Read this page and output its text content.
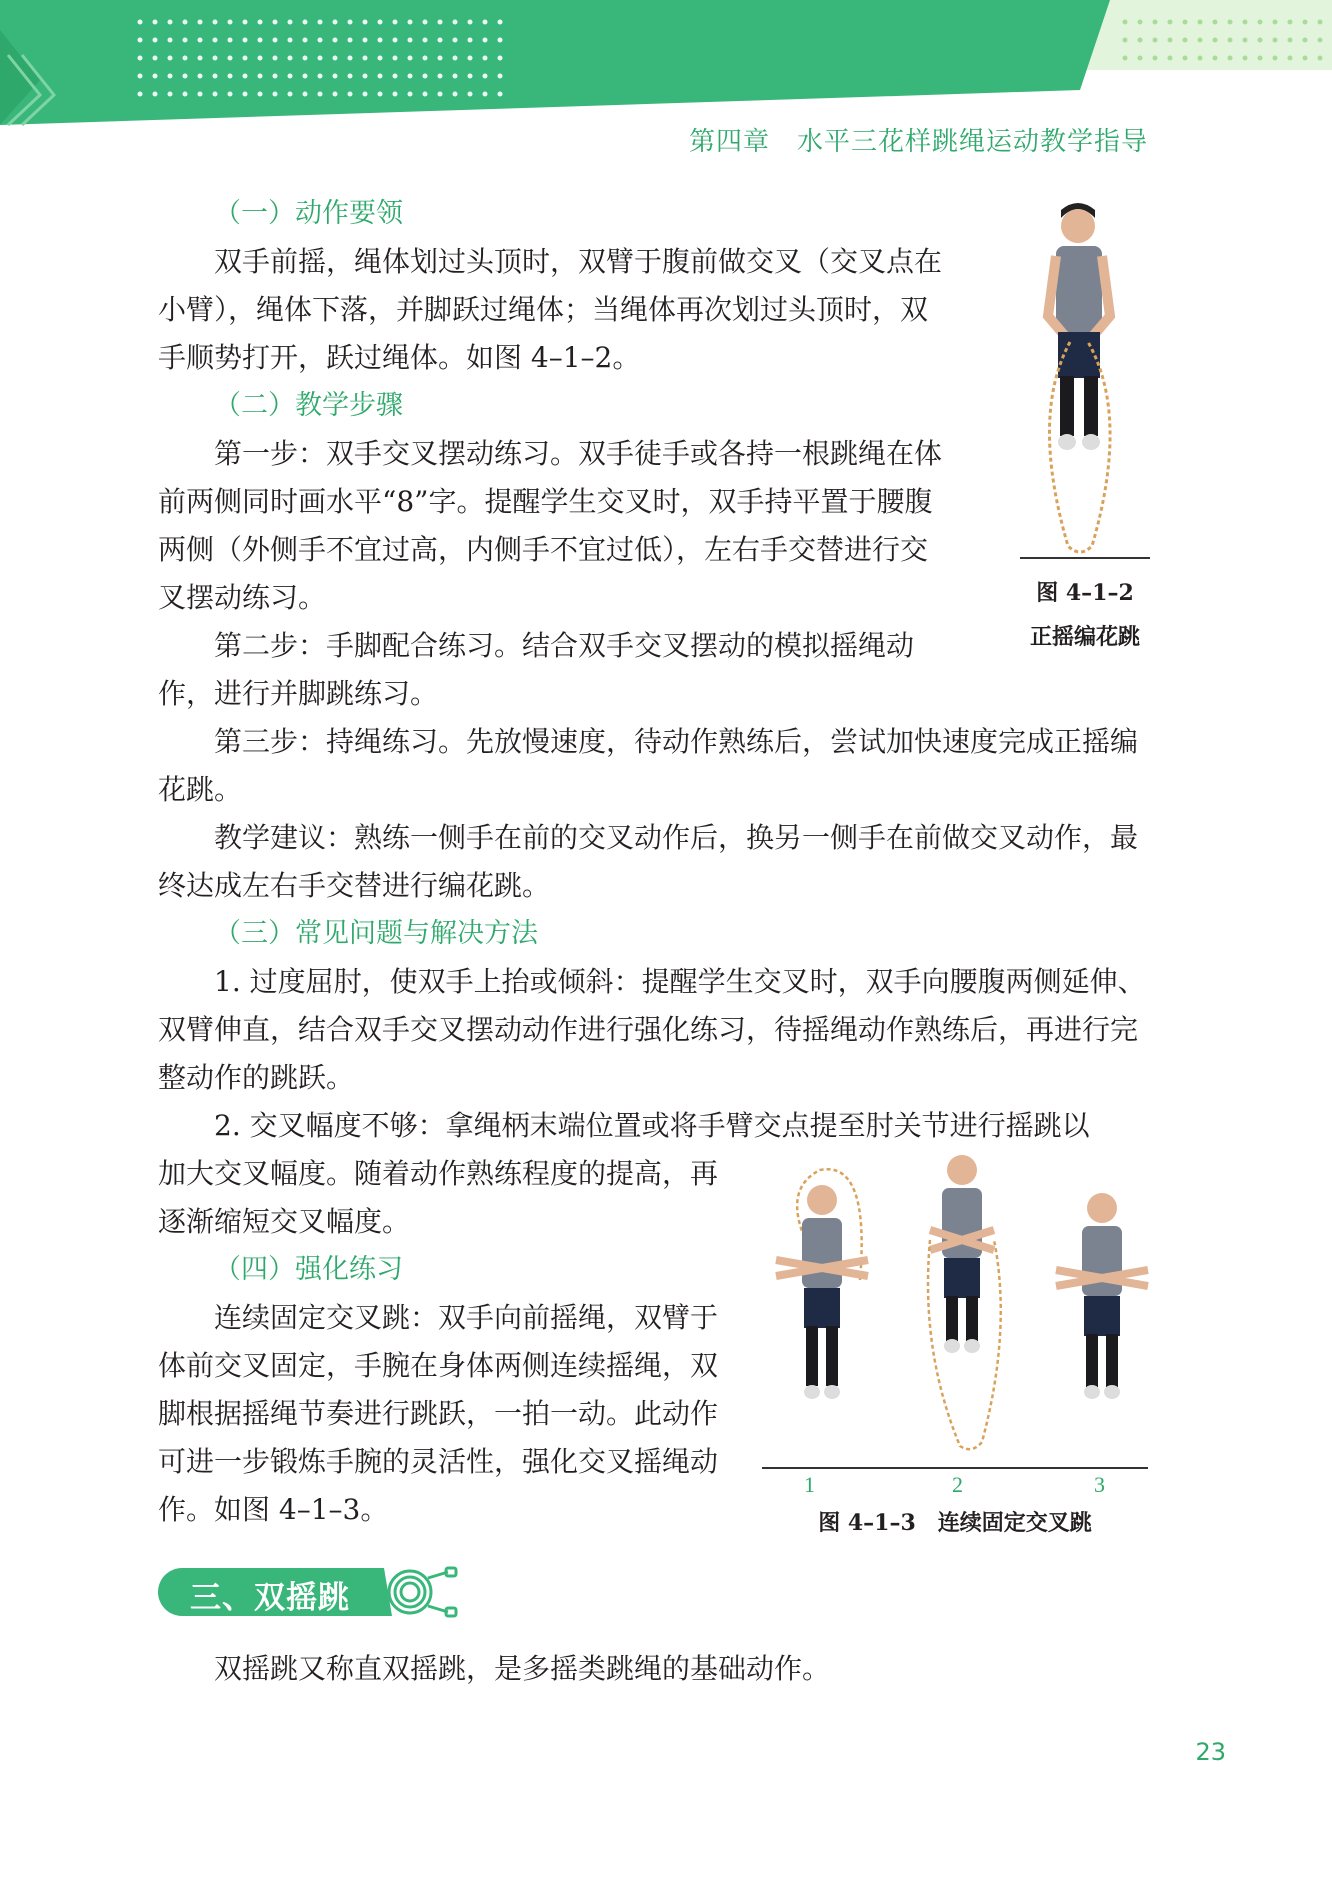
第四章　水平三花样跳绳运动教学指导

（一）动作要领

双手前摇，绳体划过头顶时，双臂于腹前做交叉（交叉点在小臂），绳体下落，并脚跃过绳体；当绳体再次划过头顶时，双手顺势打开，跃过绳体。如图 4–1–2。

（二）教学步骤

第一步：双手交叉摆动练习。双手徒手或各持一根跳绳在体前两侧同时画水平“8”字。提醒学生交叉时，双手持平置于腰腹两侧（外侧手不宜过高，内侧手不宜过低），左右手交替进行交叉摆动练习。

第二步：手脚配合练习。结合双手交叉摆动的模拟摇绳动作，进行并脚跳练习。

第三步：持绳练习。先放慢速度，待动作熟练后，尝试加快速度完成正摇编花跳。

教学建议：熟练一侧手在前的交叉动作后，换另一侧手在前做交叉动作，最终达成左右手交替进行编花跳。

（三）常见问题与解决方法

1. 过度屈肘，使双手上抬或倾斜：提醒学生交叉时，双手向腰腹两侧延伸、双臂伸直，结合双手交叉摆动动作进行强化练习，待摇绳动作熟练后，再进行完整动作的跳跃。

2. 交叉幅度不够：拿绳柄末端位置或将手臂交点提至肘关节进行摇跳以

加大交叉幅度。随着动作熟练程度的提高，再逐渐缩短交叉幅度。

（四）强化练习

连续固定交叉跳：双手向前摇绳，双臂于体前交叉固定，手腕在身体两侧连续摇绳，双脚根据摇绳节奏进行跳跃，一拍一动。此动作可进一步锻炼手腕的灵活性，强化交叉摇绳动作。如图 4–1–3。

图 4–1–2
正摇编花跳
1	2	3
图 4–1–3　连续固定交叉跳
三、双摇跳

双摇跳又称直双摇跳，是多摇类跳绳的基础动作。

23
